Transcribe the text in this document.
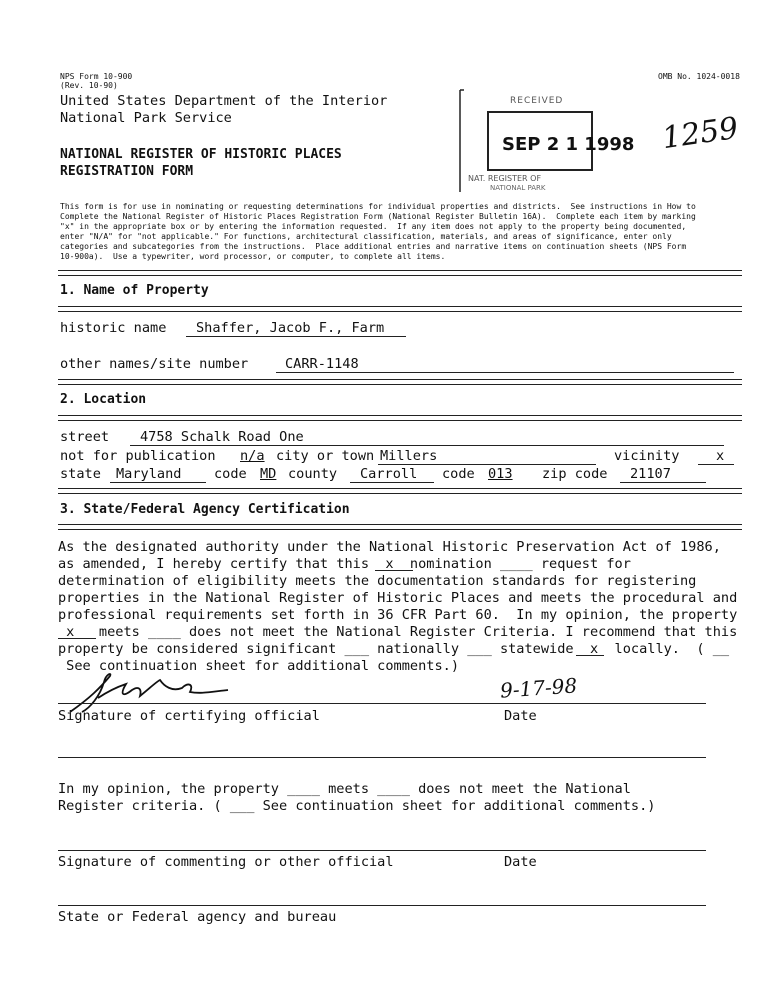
NPS Form 10-900
(Rev. 10-90)
OMB No. 1024-0018
United States Department of the Interior
National Park Service
NATIONAL REGISTER OF HISTORIC PLACES
REGISTRATION FORM
RECEIVED
SEP 2 1 1998
NAT. REGISTER OF
NATIONAL PARK
1259
This form is for use in nominating or requesting determinations for individual properties and districts.  See instructions in How to
Complete the National Register of Historic Places Registration Form (National Register Bulletin 16A).  Complete each item by marking
"x" in the appropriate box or by entering the information requested.  If any item does not apply to the property being documented,
enter "N/A" for "not applicable." For functions, architectural classification, materials, and areas of significance, enter only
categories and subcategories from the instructions.  Place additional entries and narrative items on continuation sheets (NPS Form
10-900a).  Use a typewriter, word processor, or computer, to complete all items.
1. Name of Property
historic name Shaffer, Jacob F., Farm
other names/site number	CARR-1148
2. Location
street 4758 Schalk Road One
not for publication n/a city or town Millers	vicinity	x
state Maryland code MD county Carroll code 013 zip code 21107
3. State/Federal Agency Certification
As the designated authority under the National Historic Preservation Act of 1986,
as amended, I hereby certify that this  x  nomination ____ request for
determination of eligibility meets the documentation standards for registering
properties in the National Register of Historic Places and meets the procedural and
professional requirements set forth in 36 CFR Part 60.  In my opinion, the property
x   meets ____ does not meet the National Register Criteria. I recommend that this
property be considered significant ___ nationally ___ statewide  x  locally.  ( __
See continuation sheet for additional comments.)
9-17-98
Signature of certifying official	Date
In my opinion, the property ____ meets ____ does not meet the National
Register criteria. ( ___ See continuation sheet for additional comments.)
Signature of commenting or other official	Date
State or Federal agency and bureau
